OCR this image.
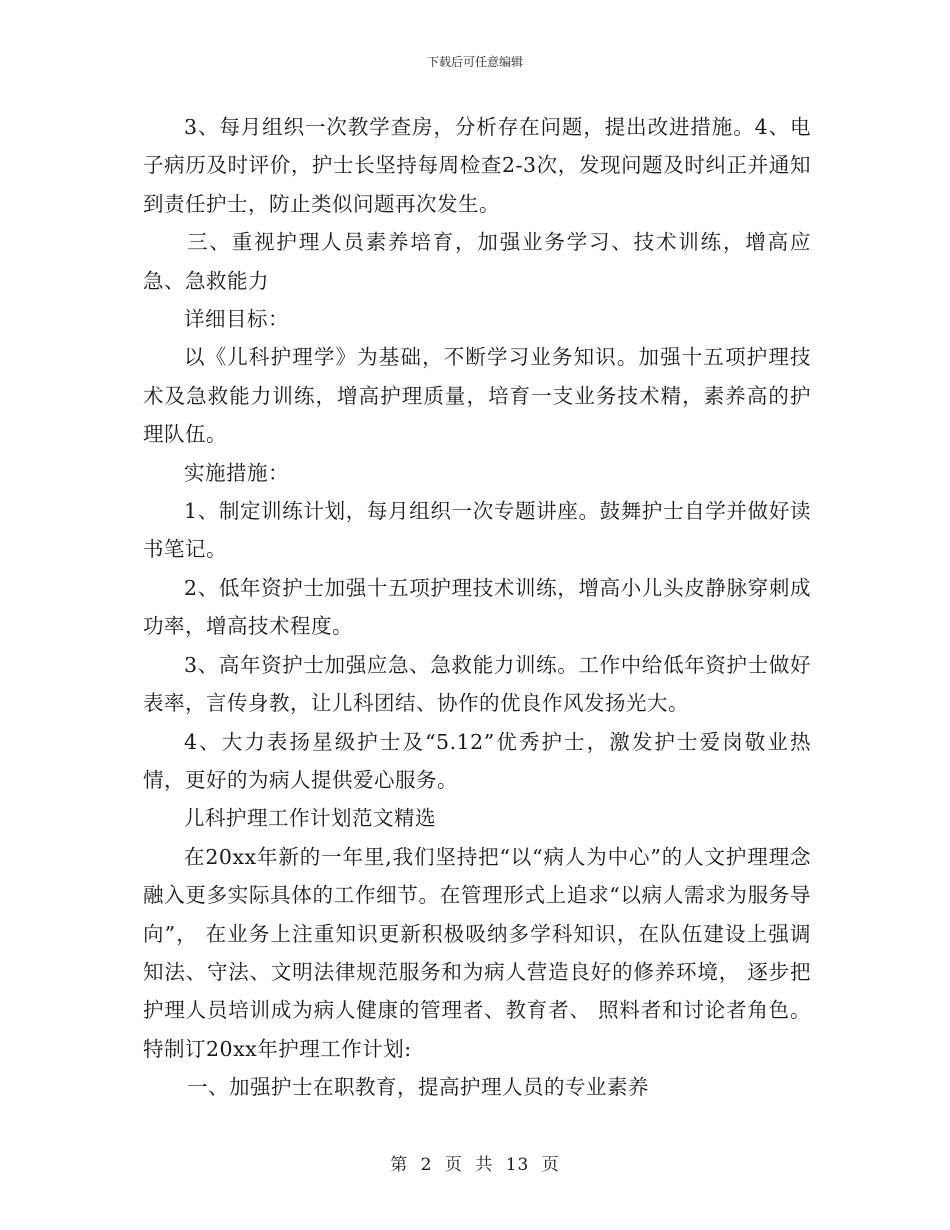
下载后可任意编辑

3、每月组织一次教学查房，分析存在问题，提出改进措施。4、电子病历及时评价，护士长坚持每周检查2-3次，发现问题及时纠正并通知到责任护士，防止类似问题再次发生。

三、重视护理人员素养培育，加强业务学习、技术训练，增高应急、急救能力

详细目标：

以《儿科护理学》为基础，不断学习业务知识。加强十五项护理技术及急救能力训练，增高护理质量，培育一支业务技术精，素养高的护理队伍。

实施措施：

1、制定训练计划，每月组织一次专题讲座。鼓舞护士自学并做好读书笔记。

2、低年资护士加强十五项护理技术训练，增高小儿头皮静脉穿刺成功率，增高技术程度。

3、高年资护士加强应急、急救能力训练。工作中给低年资护士做好表率，言传身教，让儿科团结、协作的优良作风发扬光大。

4、大力表扬星级护士及“5.12”优秀护士，激发护士爱岗敬业热情，更好的为病人提供爱心服务。

儿科护理工作计划范文精选

在20xx年新的一年里,我们坚持把“以“病人为中心”的人文护理理念融入更多实际具体的工作细节。在管理形式上追求“以病人需求为服务导向”， 在业务上注重知识更新积极吸纳多学科知识，在队伍建设上强调知法、守法、文明法律规范服务和为病人营造良好的修养环境， 逐步把护理人员培训成为病人健康的管理者、教育者、 照料者和讨论者角色。特制订20xx年护理工作计划:

一、加强护士在职教育，提高护理人员的专业素养

第 2 页 共 13 页
